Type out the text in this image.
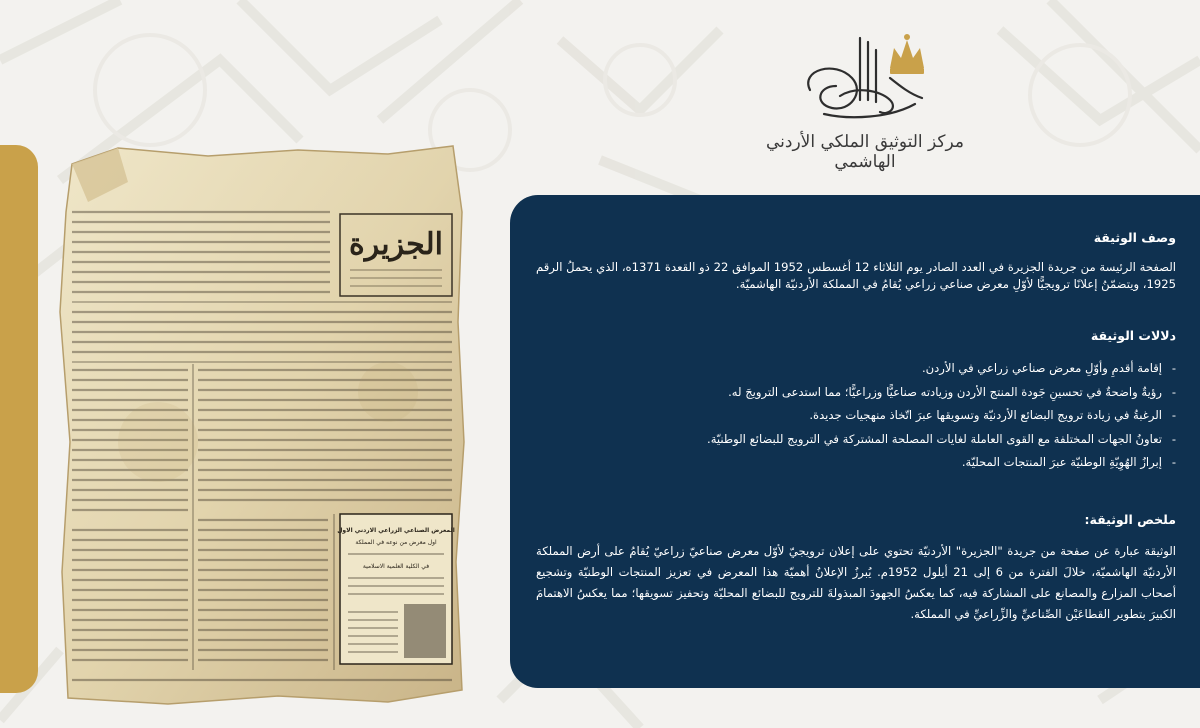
مركز التوثيق الملكي الأردني الهاشمي
الجزيرة
المعرض الصناعي الزراعي الاردني الاول
اول معرض من نوعه في المملكة
في الكلية العلمية الاسلامية
وصف الوثيقة

الصفحة الرئيسة من جريدة الجزيرة في العدد الصادر يوم الثلاثاء 12 أغسطس 1952 الموافق 22 ذو القعدة 1371ه، الذي يحملُ الرقم 1925، ويتضمّنُ إعلانًا ترويجيًّا لأوّلِ معرض صناعي زراعي يُقامُ في المملكة الأردنيّة الهاشميّة.

دلالات الوثيقة
-
إقامة أقدمِ وأوّلِ معرض صناعي زراعي في الأردن.
-
رؤيةٌ واضحةٌ في تحسينِ جَودة المنتج الأردن وزيادته صناعيًّا وزراعيًّا؛ مما استدعى الترويجَ له.
-
الرغبةُ في زيادة ترويج البضائع الأردنيّة وتسويقها عبرَ اتّخاذ منهجيات جديدة.
-
تعاونُ الجهات المختلفة مع القوى العاملة لغايات المصلحة المشتركة في الترويج للبضائع الوطنيّة.
-
إبرازُ الهُوِيّةِ الوطنيّة عبرَ المنتجات المحليّة.
ملخص الوثيقة:

الوثيقة عبارة عن صفحة من جريدة "الجزيرة" الأردنيّة تحتوي على إعلان ترويجيّ لأوّل معرض صناعيّ زراعيّ يُقامُ على أرض المملكة الأردنيّة الهاشميّة، خلالَ الفترة من 6 إلى 21 أيلول 1952م. يُبرزُ الإعلانُ أهميّة هذا المعرض في تعزيز المنتجات الوطنيّة وتشجيع أصحاب المزارع والمصانع على المشاركة فيه، كما يعكسُ الجهودَ المبذولةَ للترويج للبضائع المحليّة وتحفيز تسويقها؛ مما يعكسُ الاهتمامَ الكبيرَ بتطوير القطاعَيْن الصِّناعيِّ والزِّراعيِّ في المملكة.
